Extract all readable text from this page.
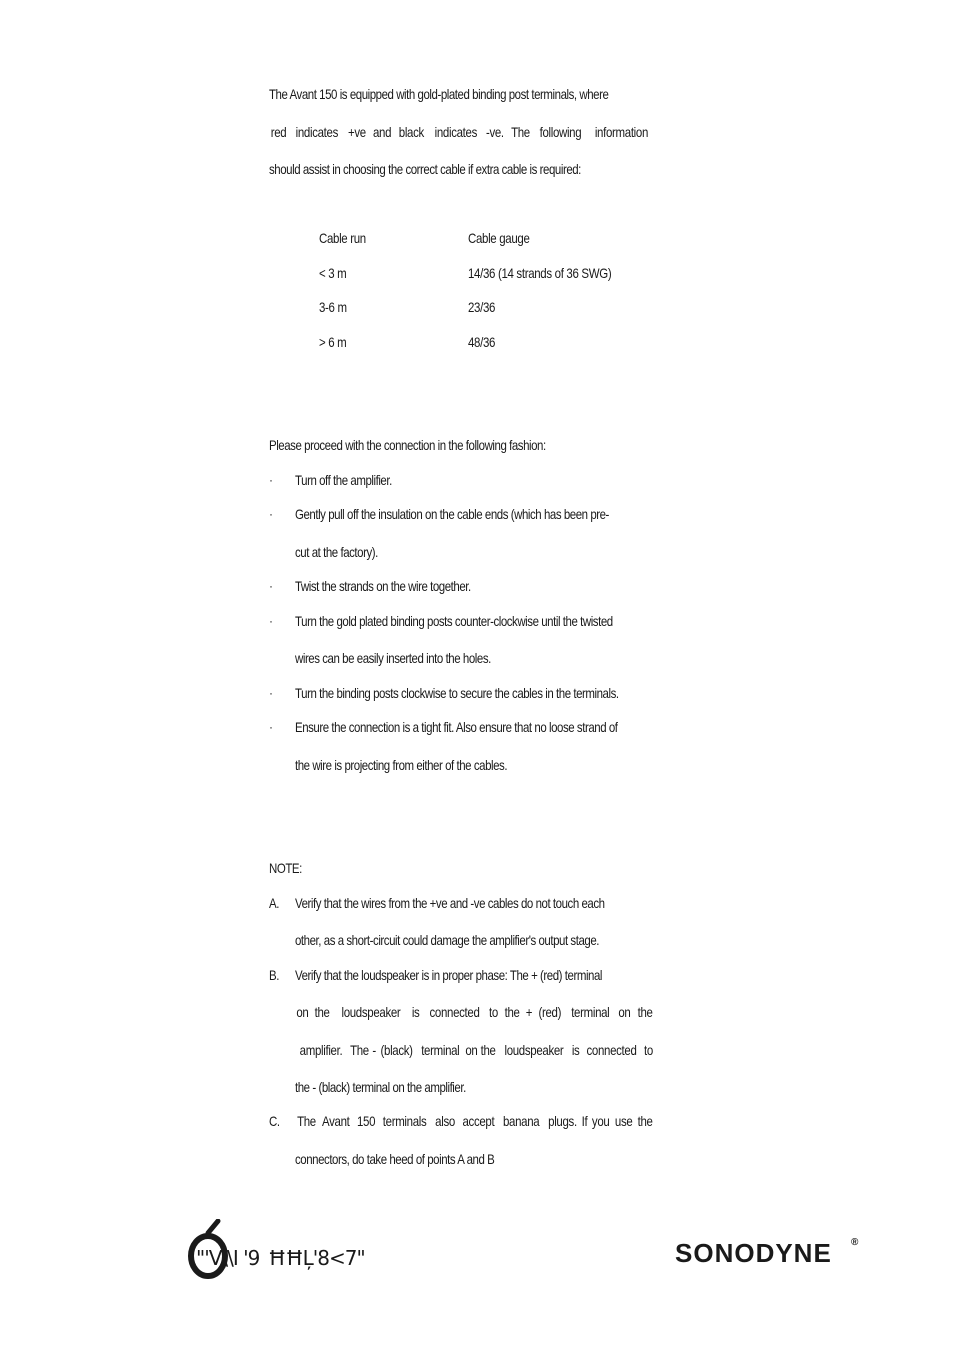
The Avant 150 is equipped with gold-plated binding post terminals, where
red indicates +ve and black indicates -ve. The following information
should assist in choosing the correct cable if extra cable is required:
Cable run	Cable gauge
< 3 m	14/36 (14 strands of 36 SWG)
3-6 m	23/36
> 6 m	48/36
Please proceed with the connection in the following fashion:
· Turn off the amplifier.
· Gently pull off the insulation on the cable ends (which has been pre-
cut at the factory).
· Twist the strands on the wire together.
· Turn the gold plated binding posts counter-clockwise until the twisted
wires can be easily inserted into the holes.
· Turn the binding posts clockwise to secure the cables in the terminals.
· Ensure the connection is a tight fit. Also ensure that no loose strand of
the wire is projecting from either of the cables.
NOTE:
A. Verify that the wires from the +ve and -ve cables do not touch each
other, as a short-circuit could damage the amplifier's output stage.
B. Verify that the loudspeaker is in proper phase: The + (red) terminal
on the loudspeaker is connected to the + (red) terminal on the
amplifier. The - (black) terminal on the loudspeaker is connected to
the - (black) terminal on the amplifier.
C. The Avant 150 terminals also accept banana plugs. If you use the
connectors, do take heed of points A and B
ĦĦĻ'8<7"
"'V\\I '9	SONODYNE ®
